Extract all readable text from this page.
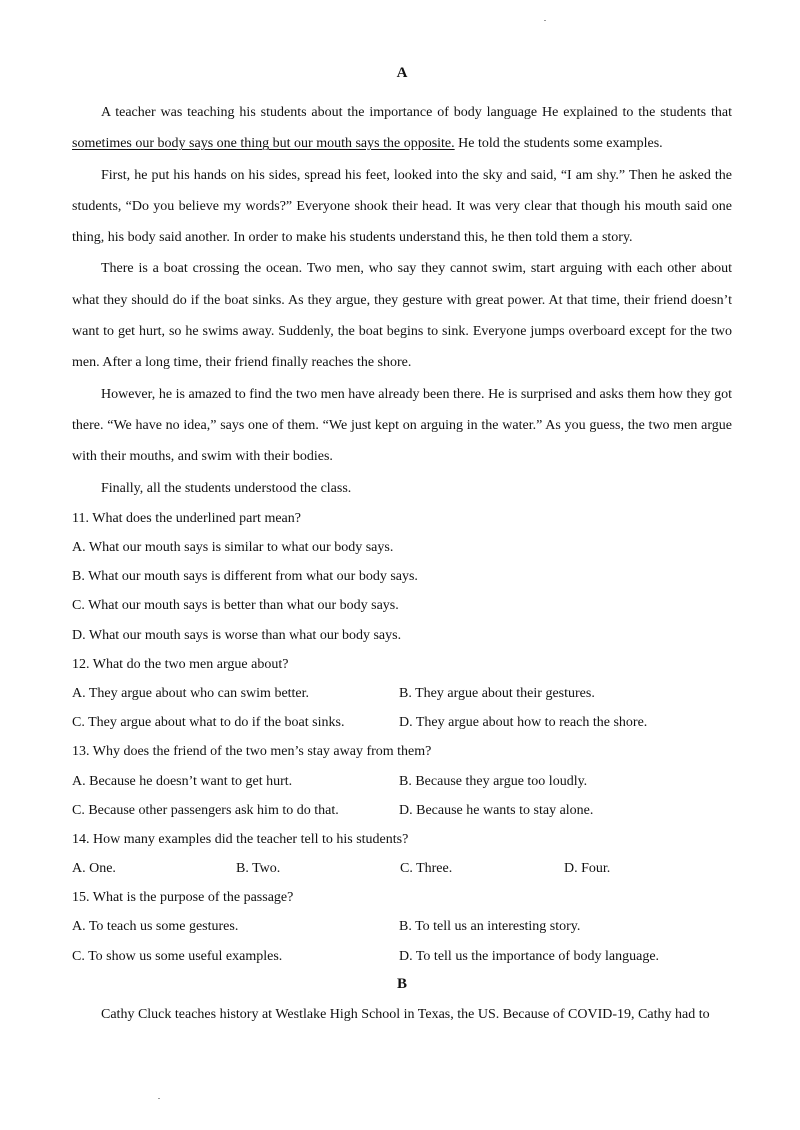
A

A teacher was teaching his students about the importance of body language He explained to the students that sometimes our body says one thing but our mouth says the opposite. He told the students some examples.

First, he put his hands on his sides, spread his feet, looked into the sky and said, “I am shy.” Then he asked the students, “Do you believe my words?” Everyone shook their head. It was very clear that though his mouth said one thing, his body said another. In order to make his students understand this, he then told them a story.

There is a boat crossing the ocean. Two men, who say they cannot swim, start arguing with each other about what they should do if the boat sinks. As they argue, they gesture with great power. At that time, their friend doesn’t want to get hurt, so he swims away. Suddenly, the boat begins to sink. Everyone jumps overboard except for the two men. After a long time, their friend finally reaches the shore.

However, he is amazed to find the two men have already been there. He is surprised and asks them how they got there. “We have no idea,” says one of them. “We just kept on arguing in the water.” As you guess, the two men argue with their mouths, and swim with their bodies.

Finally, all the students understood the class.

11. What does the underlined part mean?
A. What our mouth says is similar to what our body says.
B. What our mouth says is different from what our body says.
C. What our mouth says is better than what our body says.
D. What our mouth says is worse than what our body says.
12. What do the two men argue about?
A. They argue about who can swim better.	B. They argue about their gestures.
C. They argue about what to do if the boat sinks.	D. They argue about how to reach the shore.
13. Why does the friend of the two men’s stay away from them?
A. Because he doesn’t want to get hurt.	B. Because they argue too loudly.
C. Because other passengers ask him to do that.	D. Because he wants to stay alone.
14. How many examples did the teacher tell to his students?
A. One.	B. Two.	C. Three.	D. Four.
15. What is the purpose of the passage?
A. To teach us some gestures.	B. To tell us an interesting story.
C. To show us some useful examples.	D. To tell us the importance of body language.
B

Cathy Cluck teaches history at Westlake High School in Texas, the US. Because of COVID-19, Cathy had to
